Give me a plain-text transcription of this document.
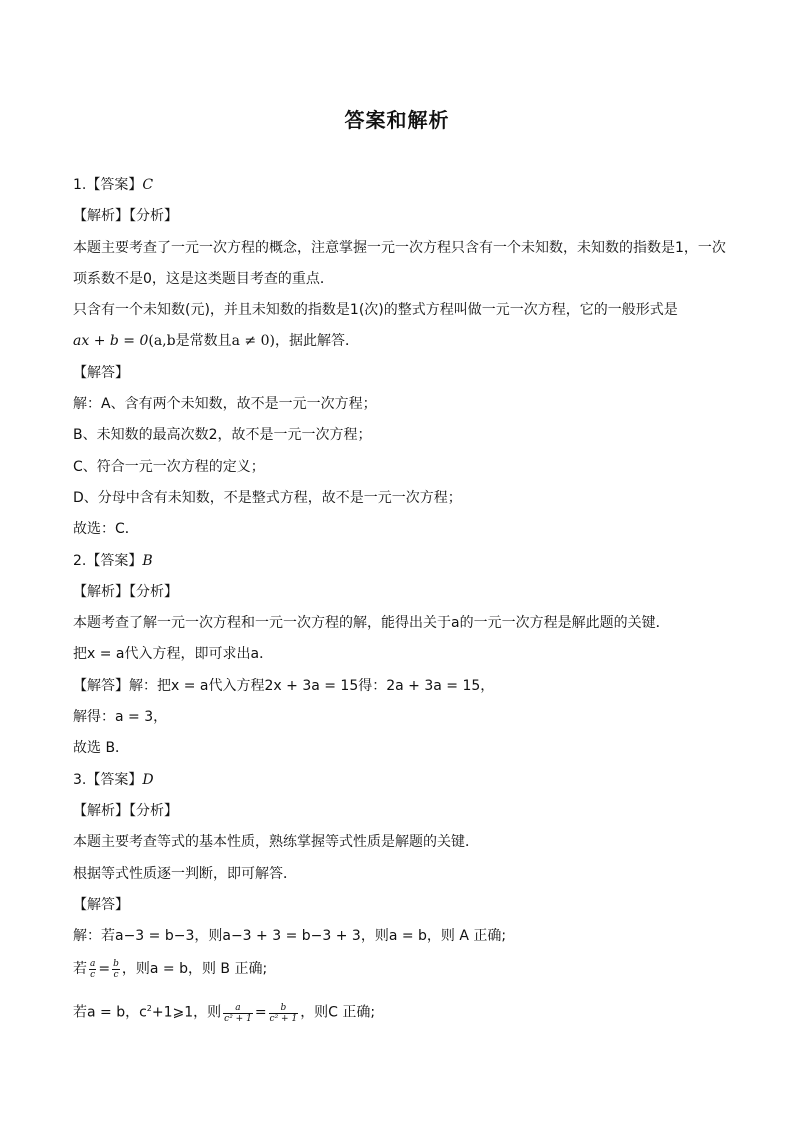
答案和解析
1.【答案】C
【解析】【分析】
本题主要考查了一元一次方程的概念，注意掌握一元一次方程只含有一个未知数，未知数的指数是1，一次
项系数不是0，这是这类题目考查的重点．
只含有一个未知数(元)，并且未知数的指数是1(次)的整式方程叫做一元一次方程，它的一般形式是
ax + b = 0(a,b是常数且a ≠ 0)，据此解答．
【解答】
解：A、含有两个未知数，故不是一元一次方程；
B、未知数的最高次数2，故不是一元一次方程；
C、符合一元一次方程的定义；
D、分母中含有未知数，不是整式方程，故不是一元一次方程；
故选：C．
2.【答案】B
【解析】【分析】
本题考查了解一元一次方程和一元一次方程的解，能得出关于a的一元一次方程是解此题的关键．
把x = a代入方程，即可求出a．
【解答】解：把x = a代入方程2x + 3a = 15得：2a + 3a = 15，
解得：a = 3，
故选 B．
3.【答案】D
【解析】【分析】
本题主要考查等式的基本性质，熟练掌握等式性质是解题的关键．
根据等式性质逐一判断，即可解答．
【解答】
解：若a−3 = b−3，则a−3 + 3 = b−3 + 3，则a = b，则 A 正确;
若 $\frac{a}{c} = \frac{b}{c}$ ，则a = b，则 B 正确;
若a = b，$c^2+1⩾1$，则 $\frac{a}{\text{c² + 1}} = \frac{b}{\text{c² + 1}}$ ，则C 正确;
